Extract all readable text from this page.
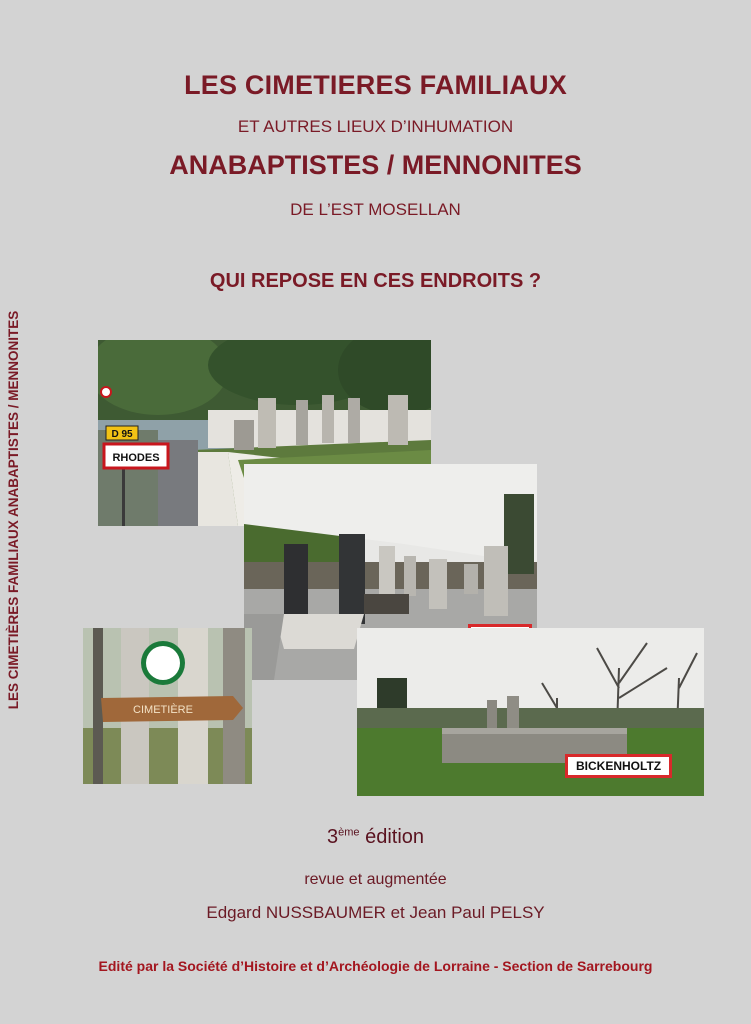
LES CIMETIERES FAMILIAUX
ET AUTRES LIEUX D’INHUMATION
ANABAPTISTES / MENNONITES
DE L’EST MOSELLAN
QUI REPOSE EN CES ENDROITS ?
LES CIMETIÈRES FAMILIAUX ANABAPTISTES / MENNONITES	D 95
RHODES
CIMETIÈRE
BICKENHOLTZ
3ème édition
revue et augmentée
Edgard NUSSBAUMER et Jean Paul PELSY
Edité par la Société d’Histoire et d’Archéologie de Lorraine - Section de Sarrebourg
